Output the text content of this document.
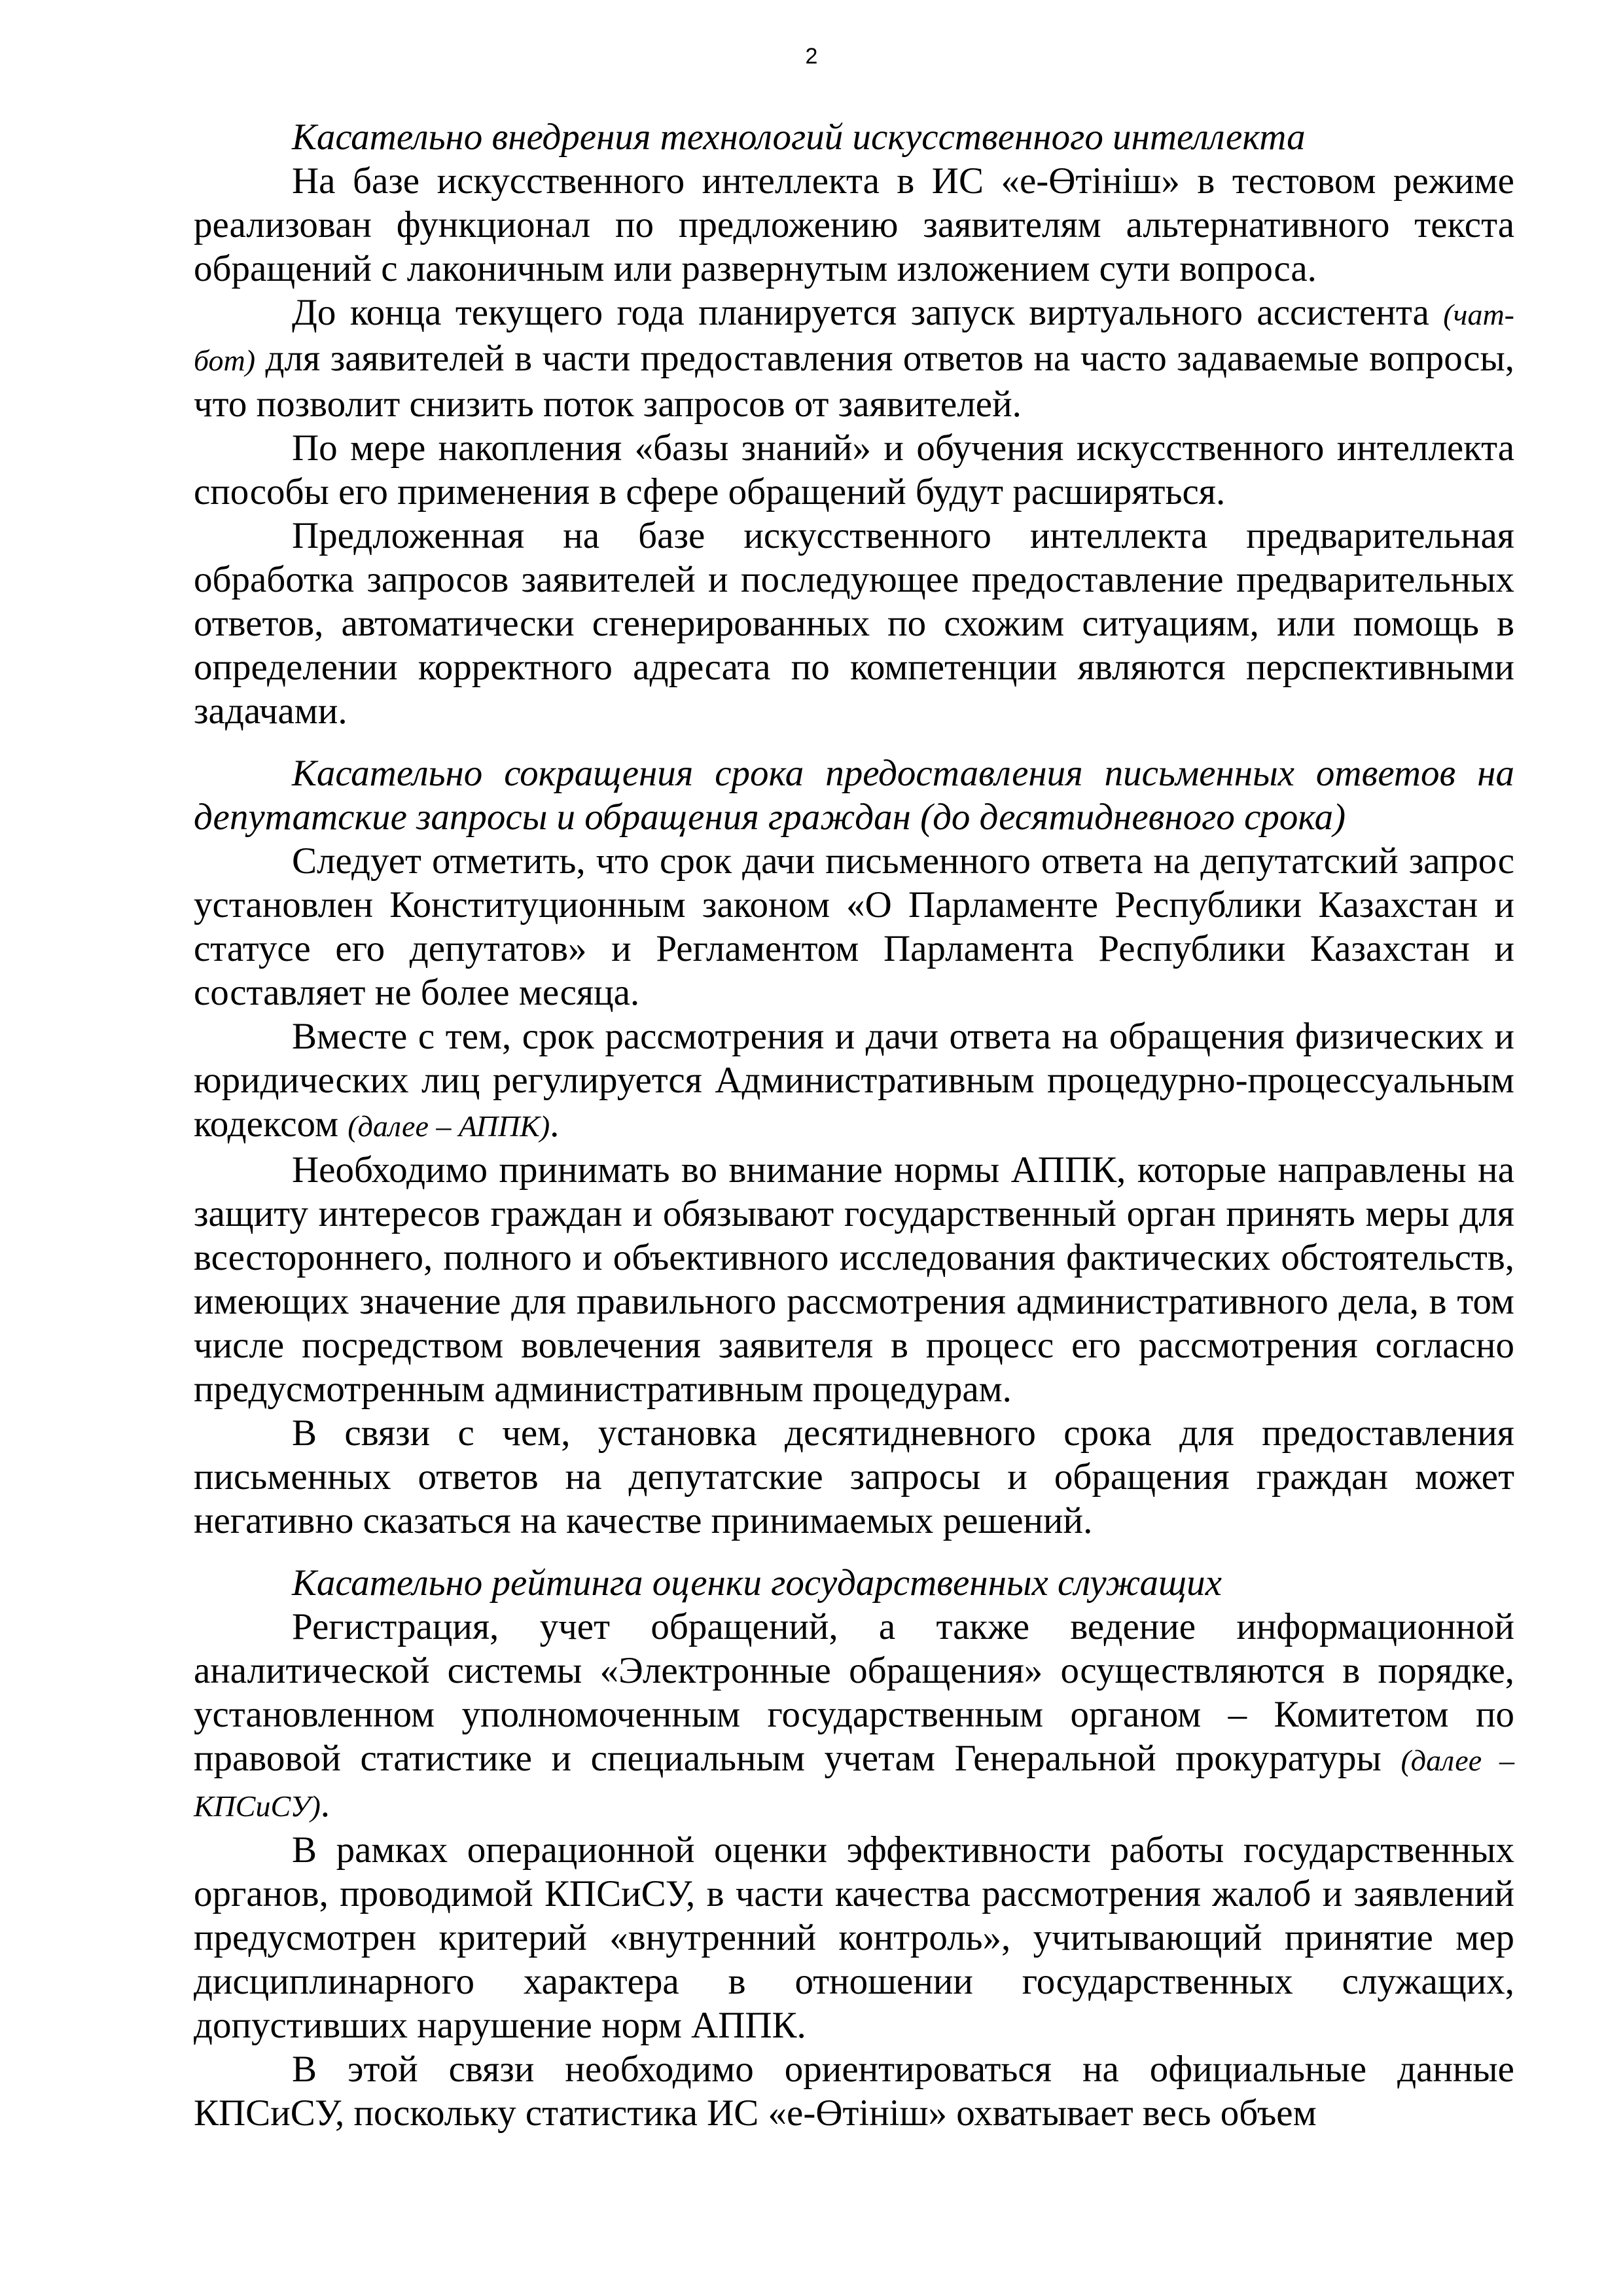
2

Касательно внедрения технологий искусственного интеллекта

На базе искусственного интеллекта в ИС «е-Өтiнiш» в тестовом режиме реализован функционал по предложению заявителям альтернативного текста обращений с лаконичным или развернутым изложением сути вопроса.

До конца текущего года планируется запуск виртуального ассистента (чат-бот) для заявителей в части предоставления ответов на часто задаваемые вопросы, что позволит снизить поток запросов от заявителей.

По мере накопления «базы знаний» и обучения искусственного интеллекта способы его применения в сфере обращений будут расширяться.

Предложенная на базе искусственного интеллекта предварительная обработка запросов заявителей и последующее предоставление предварительных ответов, автоматически сгенерированных по схожим ситуациям, или помощь в определении корректного адресата по компетенции являются перспективными задачами.

Касательно сокращения срока предоставления письменных ответов на депутатские запросы и обращения граждан (до десятидневного срока)

Следует отметить, что срок дачи письменного ответа на депутатский запрос установлен Конституционным законом «О Парламенте Республики Казахстан и статусе его депутатов» и Регламентом Парламента Республики Казахстан и составляет не более месяца.

Вместе с тем, срок рассмотрения и дачи ответа на обращения физических и юридических лиц регулируется Административным процедурно-процессуальным кодексом (далее – АППК).

Необходимо принимать во внимание нормы АППК, которые направлены на защиту интересов граждан и обязывают государственный орган принять меры для всестороннего, полного и объективного исследования фактических обстоятельств, имеющих значение для правильного рассмотрения административного дела, в том числе посредством вовлечения заявителя в процесс его рассмотрения согласно предусмотренным административным процедурам.

В связи с чем, установка десятидневного срока для предоставления письменных ответов на депутатские запросы и обращения граждан может негативно сказаться на качестве принимаемых решений.

Касательно рейтинга оценки государственных служащих

Регистрация, учет обращений, а также ведение информационной аналитической системы «Электронные обращения» осуществляются в порядке, установленном уполномоченным государственным органом – Комитетом по правовой статистике и специальным учетам Генеральной прокуратуры (далее – КПСиСУ).

В рамках операционной оценки эффективности работы государственных органов, проводимой КПСиСУ, в части качества рассмотрения жалоб и заявлений предусмотрен критерий «внутренний контроль», учитывающий принятие мер дисциплинарного характера в отношении государственных служащих, допустивших нарушение норм АППК.

В этой связи необходимо ориентироваться на официальные данные КПСиСУ, поскольку статистика ИС «е-Өтiнiш» охватывает весь объем
